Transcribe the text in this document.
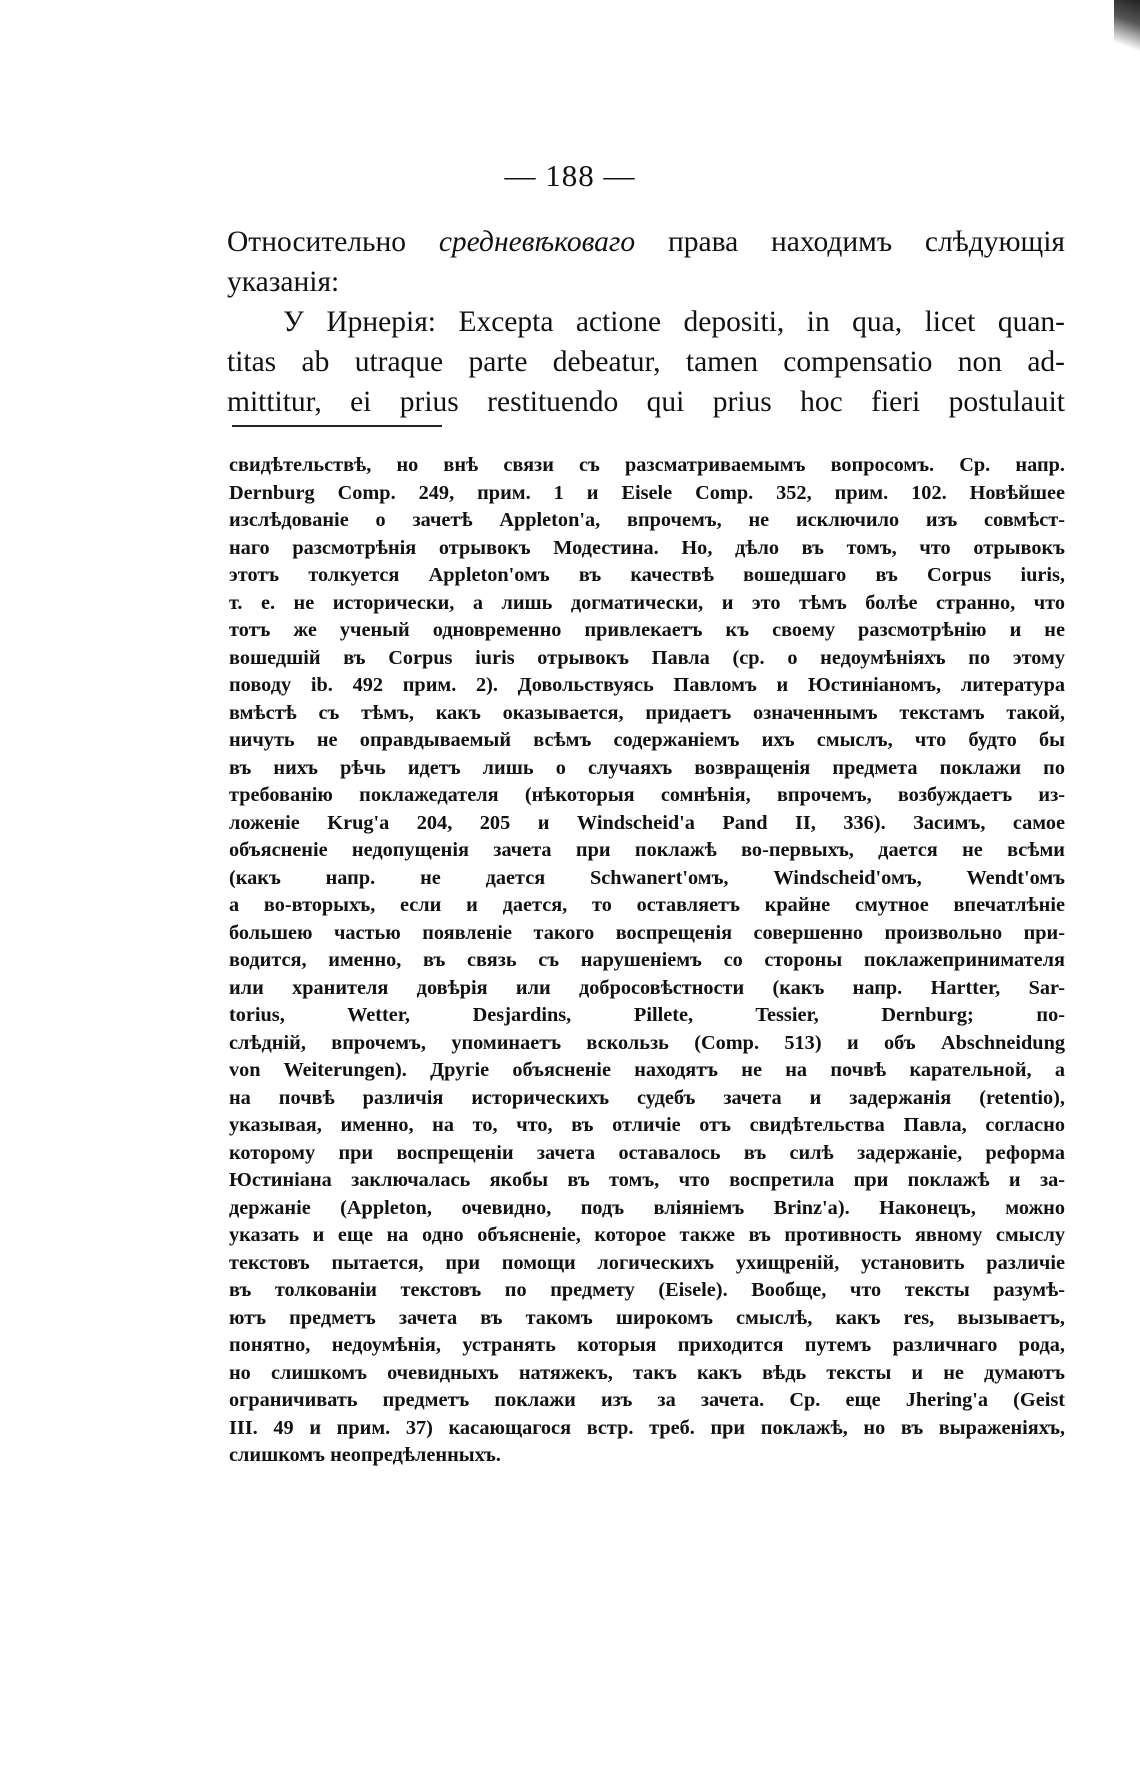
— 188 —
Относительно средневѣковаго права находимъ слѣдующія
указанія:
У Ирнерія: Excepta actione depositi, in qua, licet quan-
titas ab utraque parte debeatur, tamen compensatio non ad-
mittitur, ei prius restituendo qui prius hoc fieri postulauit
свидѣтельствѣ, но внѣ связи съ разсматриваемымъ вопросомъ. Ср. напр.
Dernburg Comp. 249, прим. 1 и Eisele Comp. 352, прим. 102. Новѣйшее
изслѣдованіе о зачетѣ Appleton'a, впрочемъ, не исключило изъ совмѣст-
наго разсмотрѣнія отрывокъ Модестина. Но, дѣло въ томъ, что отрывокъ
этотъ толкуется Appleton'омъ въ качествѣ вошедшаго въ Corpus iuris,
т. е. не исторически, а лишь догматически, и это тѣмъ болѣе странно, что
тотъ же ученый одновременно привлекаетъ къ своему разсмотрѣнію и не
вошедшій въ Corpus iuris отрывокъ Павла (ср. о недоумѣніяхъ по этому
поводу ib. 492 прим. 2). Довольствуясь Павломъ и Юстиніаномъ, литература
вмѣстѣ съ тѣмъ, какъ оказывается, придаетъ означеннымъ текстамъ такой,
ничуть не оправдываемый всѣмъ содержаніемъ ихъ смыслъ, что будто бы
въ нихъ рѣчь идетъ лишь о случаяхъ возвращенія предмета поклажи по
требованію поклажедателя (нѣкоторыя сомнѣнія, впрочемъ, возбуждаетъ из-
ложеніе Krug'a 204, 205 и Windscheid'a Pand II, 336). Засимъ, самое
объясненіе недопущенія зачета при поклажѣ во-первыхъ, дается не всѣми
(какъ напр. не дается Schwanert'омъ, Windscheid'омъ, Wendt'омъ
а во-вторыхъ, если и дается, то оставляетъ крайне смутное впечатлѣніе
большею частью появленіе такого воспрещенія совершенно произвольно при-
водится, именно, въ связь съ нарушеніемъ со стороны поклажепринимателя
или хранителя довѣрія или добросовѣстности (какъ напр. Hartter, Sar-
torius, Wetter, Desjardins, Pillete, Tessier, Dernburg; по-
слѣдній, впрочемъ, упоминаетъ вскользь (Comp. 513) и объ Abschneidung
von Weiterungen). Другіе объясненіе находятъ не на почвѣ карательной, а
на почвѣ различія историческихъ судебъ зачета и задержанія (retentio),
указывая, именно, на то, что, въ отличіе отъ свидѣтельства Павла, согласно
которому при воспрещеніи зачета оставалось въ силѣ задержаніе, реформа
Юстиніана заключалась якобы въ томъ, что воспретила при поклажѣ и за-
держаніе (Appleton, очевидно, подъ вліяніемъ Brinz'a). Наконецъ, можно
указать и еще на одно объясненіе, которое также въ противность явному смыслу
текстовъ пытается, при помощи логическихъ ухищреній, установить различіе
въ толкованіи текстовъ по предмету (Eisele). Вообще, что тексты разумѣ-
ютъ предметъ зачета въ такомъ широкомъ смыслѣ, какъ res, вызываетъ,
понятно, недоумѣнія, устранять которыя приходится путемъ различнаго рода,
но слишкомъ очевидныхъ натяжекъ, такъ какъ вѣдь тексты и не думаютъ
ограничивать предметъ поклажи изъ за зачета. Ср. еще Jhering'a (Geist
III. 49 и прим. 37) касающагося встр. треб. при поклажѣ, но въ выраженіяхъ,
слишкомъ неопредѣленныхъ.
